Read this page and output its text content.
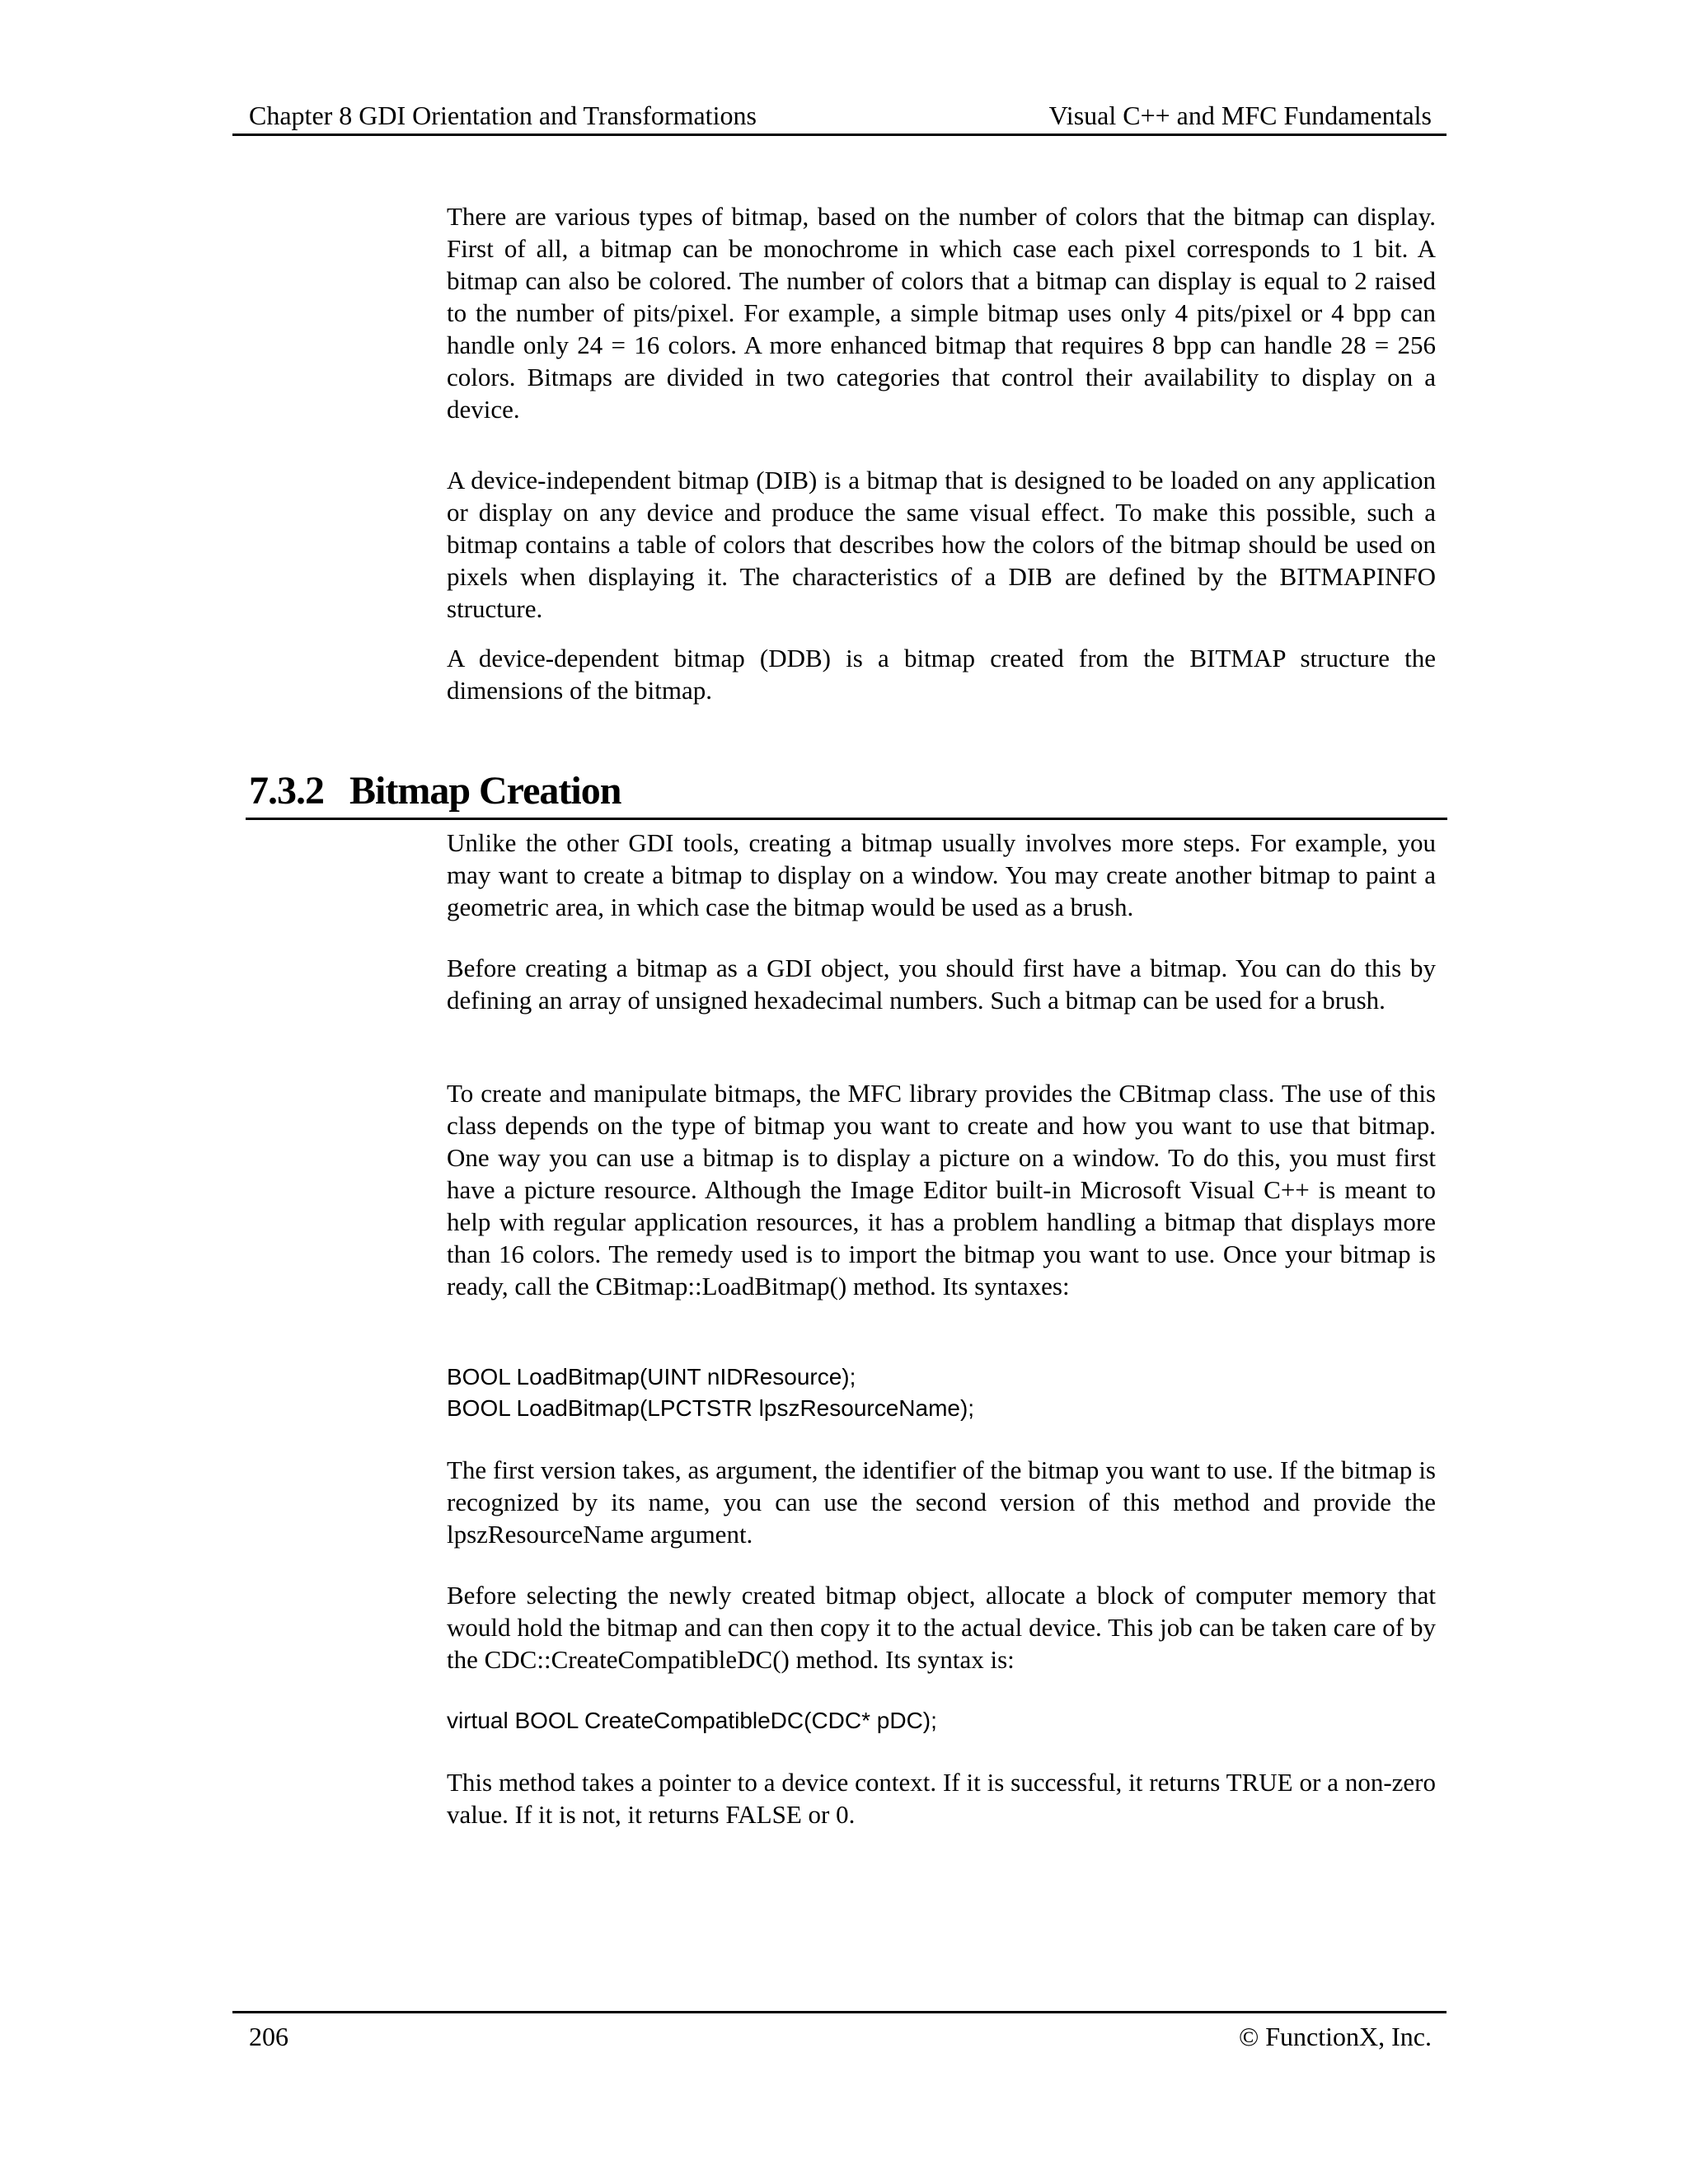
Chapter 8 GDI Orientation and Transformations	Visual C++ and MFC Fundamentals

There are various types of bitmap, based on the number of colors that the bitmap can display. First of all, a bitmap can be monochrome in which case each pixel corresponds to 1 bit. A bitmap can also be colored. The number of colors that a bitmap can display is equal to 2 raised to the number of pits/pixel. For example, a simple bitmap uses only 4 pits/pixel or 4 bpp can handle only 24 = 16 colors. A more enhanced bitmap that requires 8 bpp can handle 28 = 256 colors. Bitmaps are divided in two categories that control their availability to display on a device.

A device-independent bitmap (DIB) is a bitmap that is designed to be loaded on any application or display on any device and produce the same visual effect. To make this possible, such a bitmap contains a table of colors that describes how the colors of the bitmap should be used on pixels when displaying it. The characteristics of a DIB are defined by the BITMAPINFO structure.

A device-dependent bitmap (DDB) is a bitmap created from the BITMAP structure the dimensions of the bitmap.

7.3.2 Bitmap Creation

Unlike the other GDI tools, creating a bitmap usually involves more steps. For example, you may want to create a bitmap to display on a window. You may create another bitmap to paint a geometric area, in which case the bitmap would be used as a brush.

Before creating a bitmap as a GDI object, you should first have a bitmap. You can do this by defining an array of unsigned hexadecimal numbers. Such a bitmap can be used for a brush.

To create and manipulate bitmaps, the MFC library provides the CBitmap class. The use of this class depends on the type of bitmap you want to create and how you want to use that bitmap. One way you can use a bitmap is to display a picture on a window. To do this, you must first have a picture resource. Although the Image Editor built-in Microsoft Visual C++ is meant to help with regular application resources, it has a problem handling a bitmap that displays more than 16 colors. The remedy used is to import the bitmap you want to use. Once your bitmap is ready, call the CBitmap::LoadBitmap() method. Its syntaxes:

BOOL LoadBitmap(UINT nIDResource);
BOOL LoadBitmap(LPCTSTR lpszResourceName);

The first version takes, as argument, the identifier of the bitmap you want to use. If the bitmap is recognized by its name, you can use the second version of this method and provide the lpszResourceName argument.

Before selecting the newly created bitmap object, allocate a block of computer memory that would hold the bitmap and can then copy it to the actual device. This job can be taken care of by the CDC::CreateCompatibleDC() method. Its syntax is:

virtual BOOL CreateCompatibleDC(CDC* pDC);

This method takes a pointer to a device context. If it is successful, it returns TRUE or a non-zero value. If it is not, it returns FALSE or 0.

206	© FunctionX, Inc.
